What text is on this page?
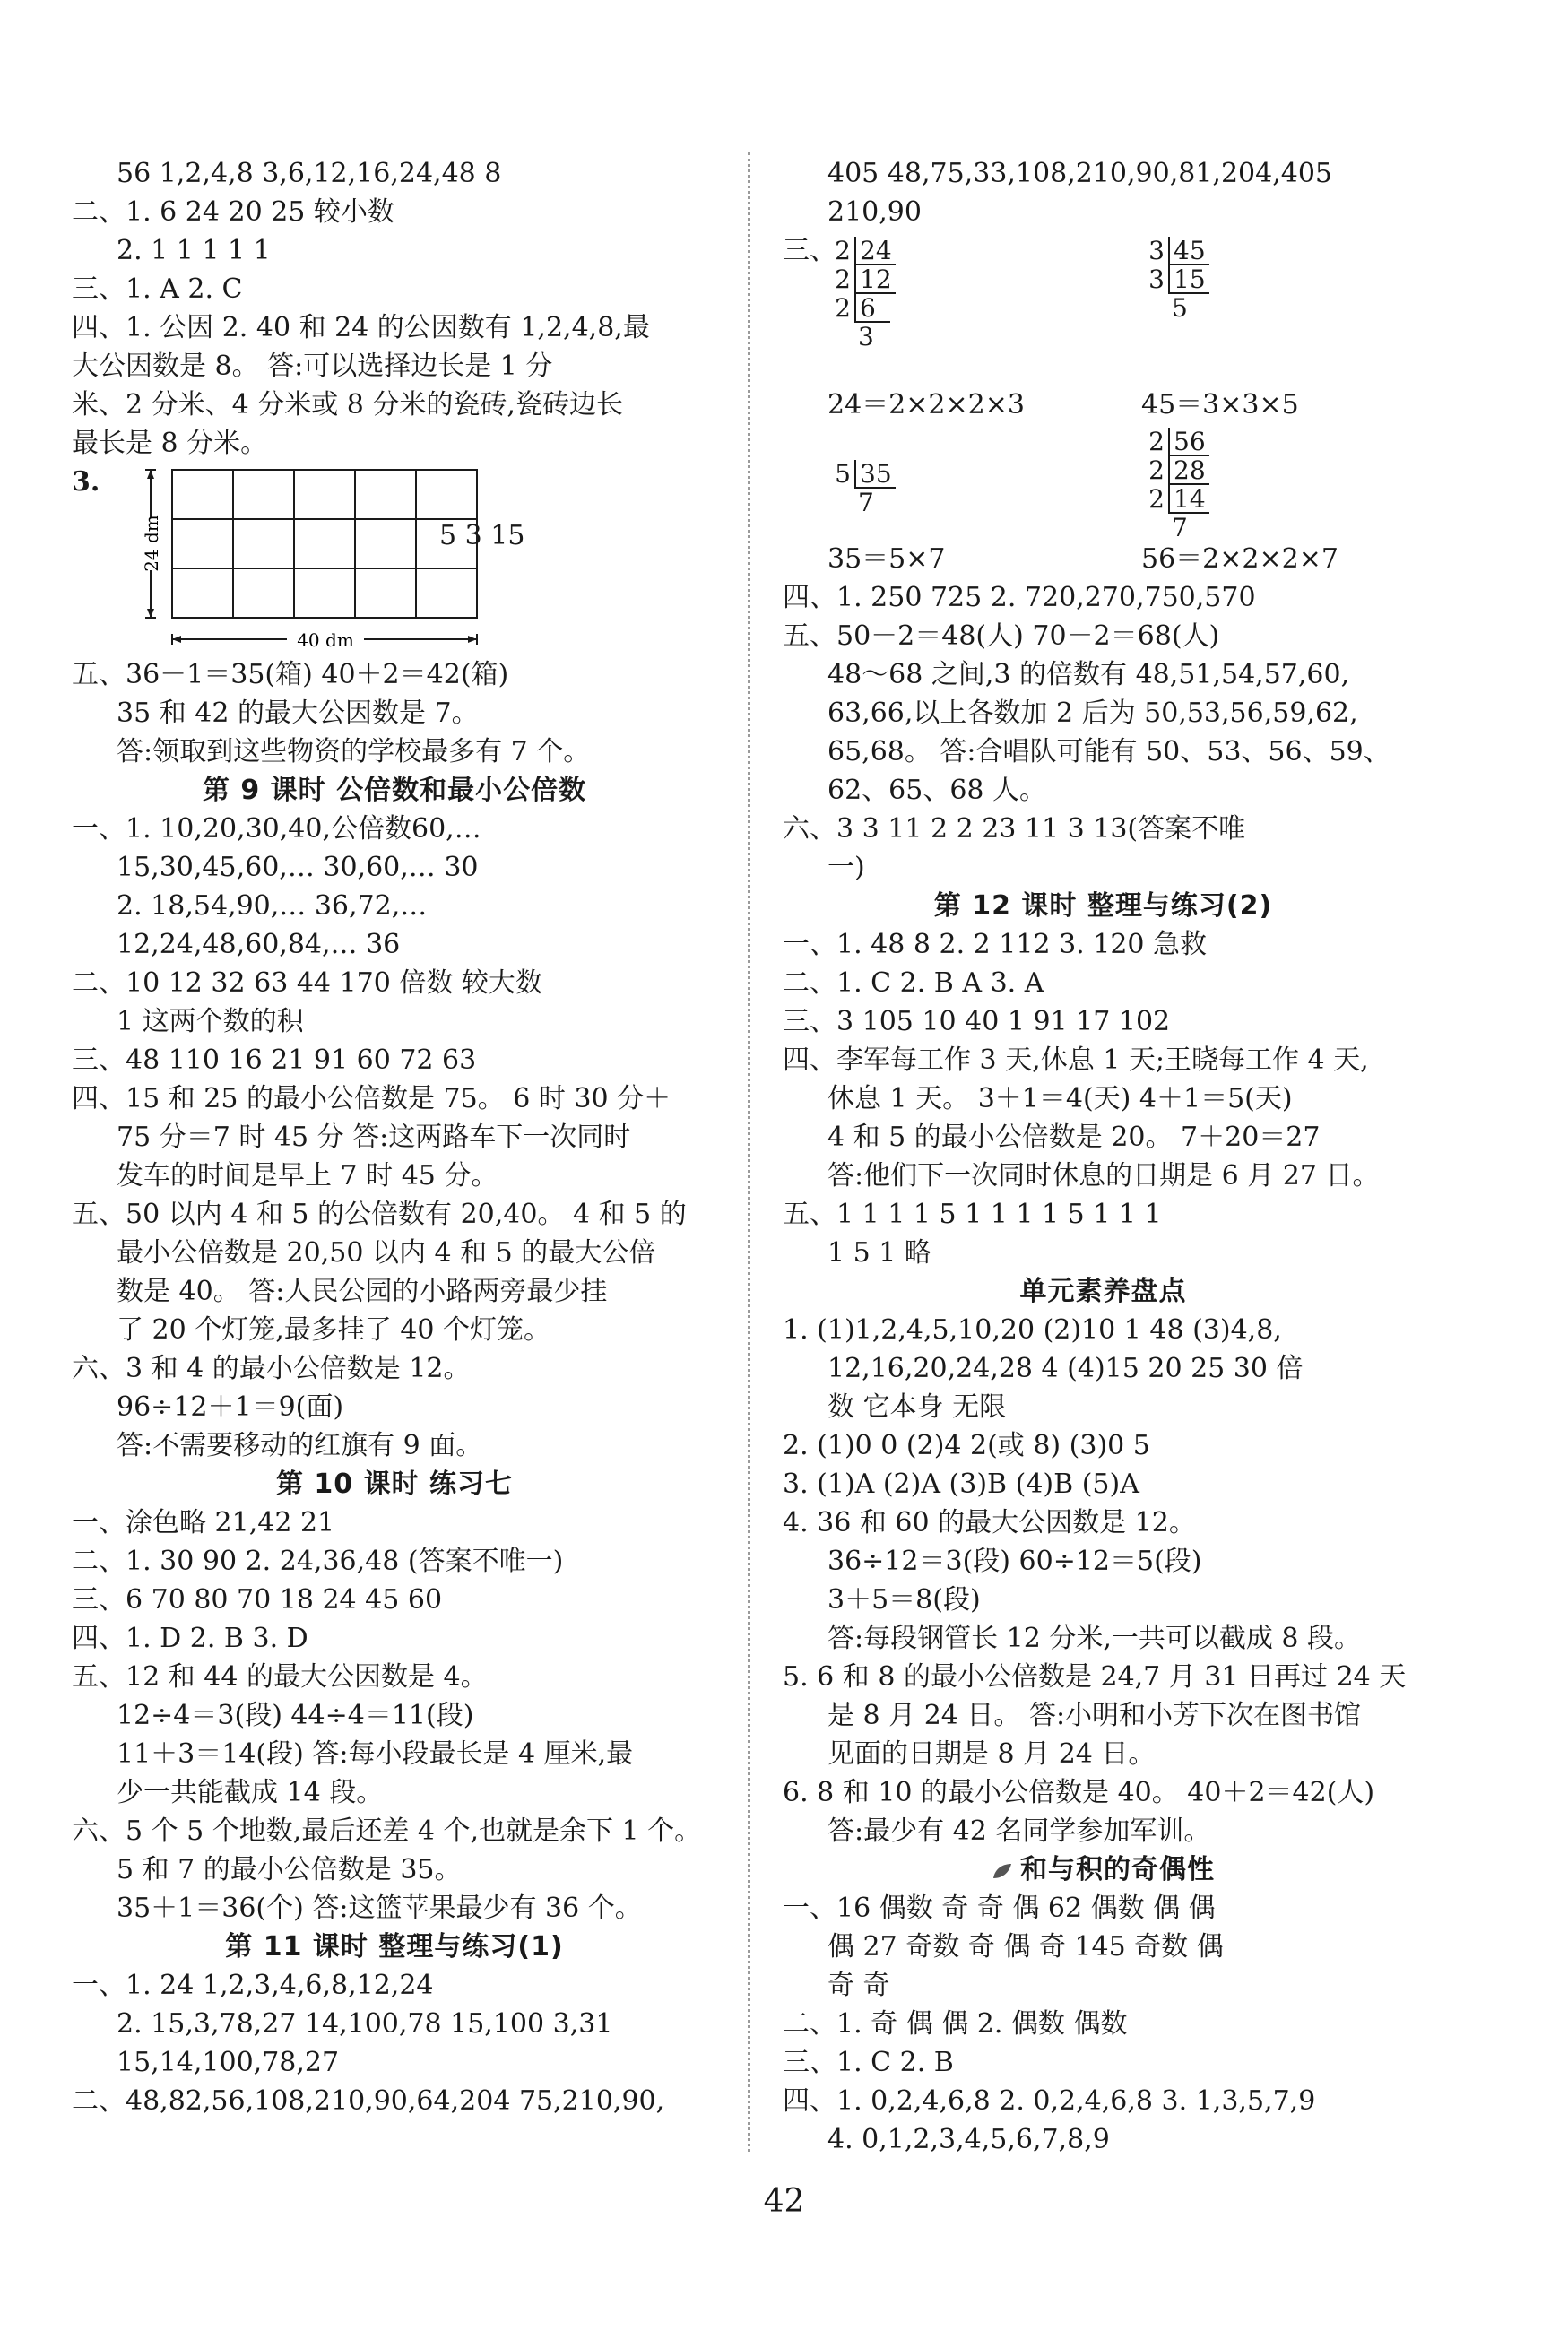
56 1,2,4,8 3,6,12,16,24,48 8
二、1. 6 24 20 25 较小数
2. 1 1 1 1 1
三、1. A 2. C
四、1. 公因 2. 40 和 24 的公因数有 1,2,4,8,最
大公因数是 8。 答:可以选择边长是 1 分
米、2 分米、4 分米或 8 分米的瓷砖,瓷砖边长
最长是 8 分米。
3.
24 dm
40 dm
5 3 15
五、36－1＝35(箱) 40＋2＝42(箱)
35 和 42 的最大公因数是 7。
答:领取到这些物资的学校最多有 7 个。
第 9 课时 公倍数和最小公倍数
一、1. 10,20,30,40,公倍数60,…
15,30,45,60,… 30,60,… 30
2. 18,54,90,… 36,72,…
12,24,48,60,84,… 36
二、10 12 32 63 44 170 倍数 较大数
1 这两个数的积
三、48 110 16 21 91 60 72 63
四、15 和 25 的最小公倍数是 75。 6 时 30 分＋
75 分＝7 时 45 分 答:这两路车下一次同时
发车的时间是早上 7 时 45 分。
五、50 以内 4 和 5 的公倍数有 20,40。 4 和 5 的
最小公倍数是 20,50 以内 4 和 5 的最大公倍
数是 40。 答:人民公园的小路两旁最少挂
了 20 个灯笼,最多挂了 40 个灯笼。
六、3 和 4 的最小公倍数是 12。
96÷12＋1＝9(面)
答:不需要移动的红旗有 9 面。
第 10 课时 练习七
一、涂色略 21,42 21
二、1. 30 90 2. 24,36,48 (答案不唯一)
三、6 70 80 70 18 24 45 60
四、1. D 2. B 3. D
五、12 和 44 的最大公因数是 4。
12÷4＝3(段) 44÷4＝11(段)
11＋3＝14(段) 答:每小段最长是 4 厘米,最
少一共能截成 14 段。
六、5 个 5 个地数,最后还差 4 个,也就是余下 1 个。
5 和 7 的最小公倍数是 35。
35＋1＝36(个) 答:这篮苹果最少有 36 个。
第 11 课时 整理与练习(1)
一、1. 24 1,2,3,4,6,8,12,24
2. 15,3,78,27 14,100,78 15,100 3,31
15,14,100,78,27
二、48,82,56,108,210,90,64,204 75,210,90,
405 48,75,33,108,210,90,81,204,405
210,90
三、
2 24
2 12
2 6
3
3 45
3 15
5
24＝2×2×2×3	45＝3×3×5
5 35
7
2 56
2 28
2 14
7
35＝5×7	56＝2×2×2×7
四、1. 250 725 2. 720,270,750,570
五、50－2＝48(人) 70－2＝68(人)
48～68 之间,3 的倍数有 48,51,54,57,60,
63,66,以上各数加 2 后为 50,53,56,59,62,
65,68。 答:合唱队可能有 50、53、56、59、
62、65、68 人。
六、3 3 11 2 2 23 11 3 13(答案不唯
一)
第 12 课时 整理与练习(2)
一、1. 48 8 2. 2 112 3. 120 急救
二、1. C 2. B A 3. A
三、3 105 10 40 1 91 17 102
四、李军每工作 3 天,休息 1 天;王晓每工作 4 天,
休息 1 天。 3＋1＝4(天) 4＋1＝5(天)
4 和 5 的最小公倍数是 20。 7＋20＝27
答:他们下一次同时休息的日期是 6 月 27 日。
五、1 1 1 1 5 1 1 1 1 5 1 1 1
1 5 1 略
单元素养盘点
1. (1)1,2,4,5,10,20 (2)10 1 48 (3)4,8,
12,16,20,24,28 4 (4)15 20 25 30 倍
数 它本身 无限
2. (1)0 0 (2)4 2(或 8) (3)0 5
3. (1)A (2)A (3)B (4)B (5)A
4. 36 和 60 的最大公因数是 12。
36÷12＝3(段) 60÷12＝5(段)
3＋5＝8(段)
答:每段钢管长 12 分米,一共可以截成 8 段。
5. 6 和 8 的最小公倍数是 24,7 月 31 日再过 24 天
是 8 月 24 日。 答:小明和小芳下次在图书馆
见面的日期是 8 月 24 日。
6. 8 和 10 的最小公倍数是 40。 40＋2＝42(人)
答:最少有 42 名同学参加军训。
和与积的奇偶性
一、16 偶数 奇 奇 偶 62 偶数 偶 偶
偶 27 奇数 奇 偶 奇 145 奇数 偶
奇 奇
二、1. 奇 偶 偶 2. 偶数 偶数
三、1. C 2. B
四、1. 0,2,4,6,8 2. 0,2,4,6,8 3. 1,3,5,7,9
4. 0,1,2,3,4,5,6,7,8,9
42
